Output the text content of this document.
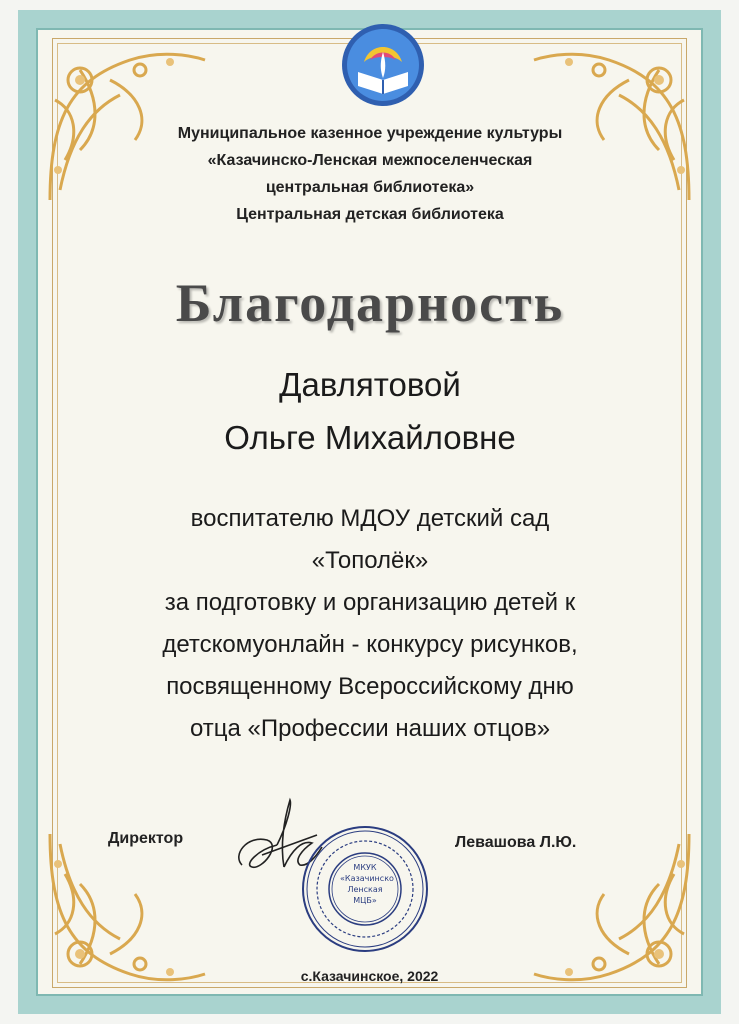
Муниципальное казенное учреждение культуры
«Казачинско-Ленская межпоселенческая
центральная библиотека»
Центральная детская библиотека
Благодарность
Давлятовой
Ольге Михайловне
воспитателю МДОУ детский сад
«Тополёк»
за подготовку и организацию детей к
детскомуонлайн - конкурсу рисунков,
посвященному Всероссийскому дню
отца «Профессии наших отцов»
Директор
МКУК
«Казачинско
Ленская
МЦБ»
Левашова Л.Ю.
с.Казачинское, 2022
